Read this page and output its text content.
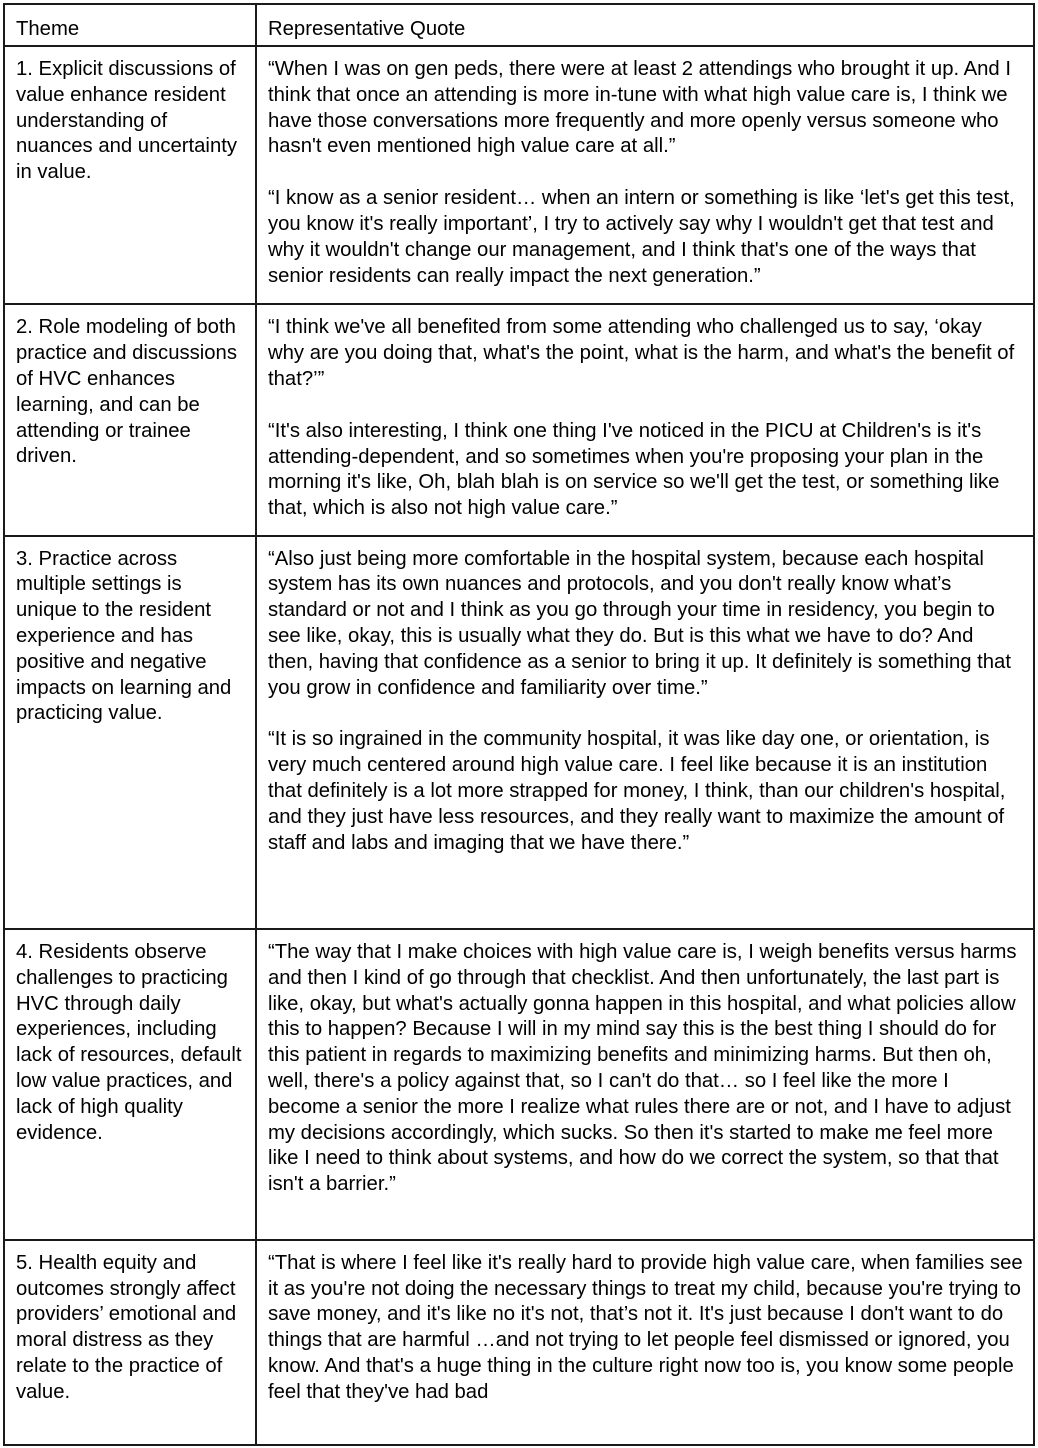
Theme	Representative Quote
1. Explicit discussions of value enhance resident understanding of nuances and uncertainty in value.	“When I was on gen peds, there were at least 2 attendings who brought it up. And I think that once an attending is more in-tune with what high value care is, I think we have those conversations more frequently and more openly versus someone who hasn't even mentioned high value care at all.”

“I know as a senior resident… when an intern or something is like ‘let's get this test, you know it's really important’, I try to actively say why I wouldn't get that test and why it wouldn't change our management, and I think that's one of the ways that senior residents can really impact the next generation.”

2. Role modeling of both practice and discussions of HVC enhances learning, and can be attending or trainee driven.	“I think we've all benefited from some attending who challenged us to say, ‘okay why are you doing that, what's the point, what is the harm, and what's the benefit of that?’”

“It's also interesting, I think one thing I've noticed in the PICU at Children's is it's attending-dependent, and so sometimes when you're proposing your plan in the morning it's like, Oh, blah blah is on service so we'll get the test, or something like that, which is also not high value care.”

3. Practice across multiple settings is unique to the resident experience and has positive and negative impacts on learning and practicing value.	“Also just being more comfortable in the hospital system, because each hospital system has its own nuances and protocols, and you don't really know what’s standard or not and I think as you go through your time in residency, you begin to see like, okay, this is usually what they do. But is this what we have to do? And then, having that confidence as a senior to bring it up. It definitely is something that you grow in confidence and familiarity over time.”

“It is so ingrained in the community hospital, it was like day one, or orientation, is very much centered around high value care. I feel like because it is an institution that definitely is a lot more strapped for money, I think, than our children's hospital, and they just have less resources, and they really want to maximize the amount of staff and labs and imaging that we have there.”

4. Residents observe challenges to practicing HVC through daily experiences, including lack of resources, default low value practices, and lack of high quality evidence.	“The way that I make choices with high value care is, I weigh benefits versus harms and then I kind of go through that checklist. And then unfortunately, the last part is like, okay, but what's actually gonna happen in this hospital, and what policies allow this to happen? Because I will in my mind say this is the best thing I should do for this patient in regards to maximizing benefits and minimizing harms. But then oh, well, there's a policy against that, so I can't do that… so I feel like the more I become a senior the more I realize what rules there are or not, and I have to adjust my decisions accordingly, which sucks. So then it's started to make me feel more like I need to think about systems, and how do we correct the system, so that that isn't a barrier.”

5. Health equity and outcomes strongly affect providers’ emotional and moral distress as they relate to the practice of value.	“That is where I feel like it's really hard to provide high value care, when families see it as you're not doing the necessary things to treat my child, because you're trying to save money, and it's like no it's not, that’s not it. It's just because I don't want to do things that are harmful …and not trying to let people feel dismissed or ignored, you know. And that's a huge thing in the culture right now too is, you know some people feel that they've had bad
